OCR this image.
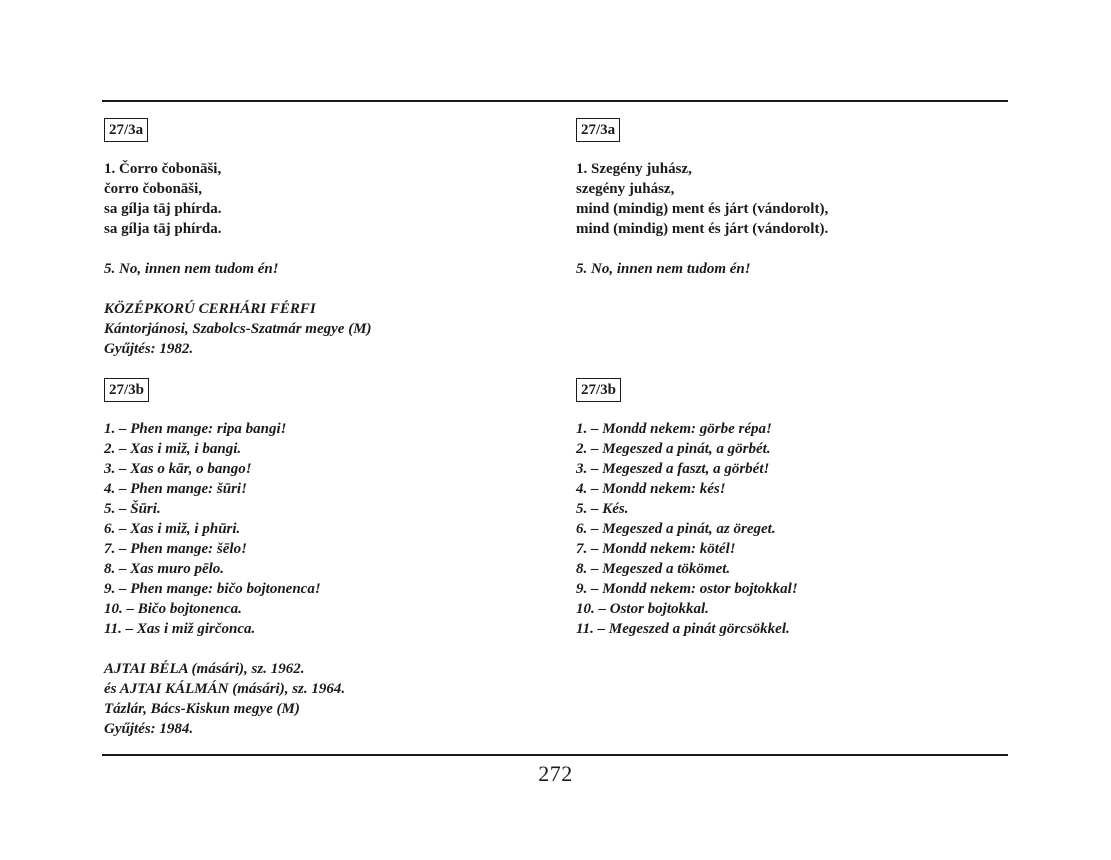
27/3a
1. Čorro čobonāši,
čorro čobonāši,
sa gílja tāj phírda.
sa gílja tāj phírda.
5. No, innen nem tudom én!
KÖZÉPKORÚ CERHÁRI FÉRFI
Kántorjánosi, Szabolcs-Szatmár megye (M)
Gyűjtés: 1982.
27/3b
1. – Phen mange: ripa bangi!
2. – Xas i miž, i bangi.
3. – Xas o kār, o bango!
4. – Phen mange: šūri!
5. – Šūri.
6. – Xas i miž, i phūri.
7. – Phen mange: šēlo!
8. – Xas muro pēlo.
9. – Phen mange: bičo bojtonenca!
10. – Bičo bojtonenca.
11. – Xas i miž girčonca.
AJTAI BÉLA (másári), sz. 1962.
és AJTAI KÁLMÁN (másári), sz. 1964.
Tázlár, Bács-Kiskun megye (M)
Gyűjtés: 1984.
27/3a
1. Szegény juhász,
szegény juhász,
mind (mindig) ment és járt (vándorolt),
mind (mindig) ment és járt (vándorolt).
5. No, innen nem tudom én!
27/3b
1. – Mondd nekem: görbe répa!
2. – Megeszed a pinát, a görbét.
3. – Megeszed a faszt, a görbét!
4. – Mondd nekem: kés!
5. – Kés.
6. – Megeszed a pinát, az öreget.
7. – Mondd nekem: kötél!
8. – Megeszed a tökömet.
9. – Mondd nekem: ostor bojtokkal!
10. – Ostor bojtokkal.
11. – Megeszed a pinát görcsökkel.
272
